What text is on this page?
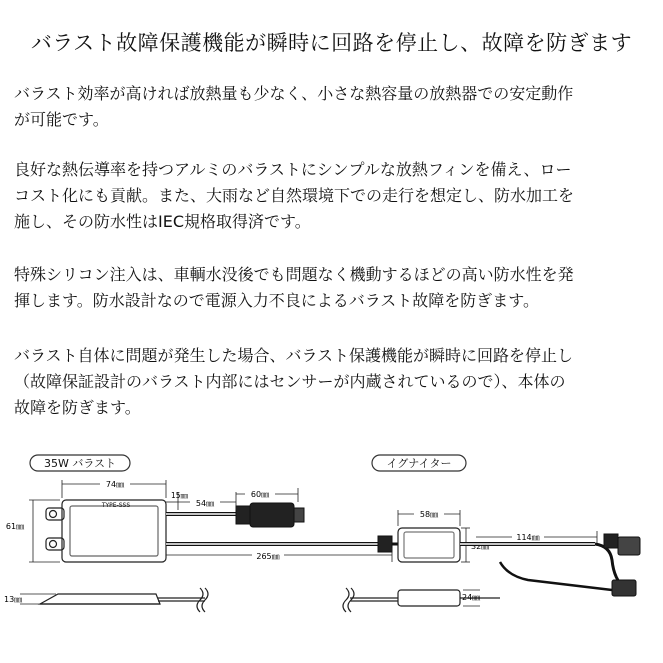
バラスト故障保護機能が瞬時に回路を停止し、故障を防ぎます
バラスト効率が高ければ放熱量も少なく、小さな熱容量の放熱器での安定動作
が可能です。
良好な熱伝導率を持つアルミのバラストにシンプルな放熱フィンを備え、ロー
コスト化にも貢献。また、大雨など自然環境下での走行を想定し、防水加工を
施し、その防水性はIEC規格取得済です。
特殊シリコン注入は、車輌水没後でも問題なく機動するほどの高い防水性を発
揮します。防水設計なので電源入力不良によるバラスト故障を防ぎます。
バラスト自体に問題が発生した場合、バラスト保護機能が瞬時に回路を停止し
（故障保証設計のバラスト内部にはセンサーが内蔵されているので）、本体の
故障を防ぎます。
35W バラスト	イグナイター
TYPE-SSS
74㎜
61㎜
15㎜
54㎜
60㎜
265㎜
13㎜
58㎜
32㎜
114㎜
24㎜
